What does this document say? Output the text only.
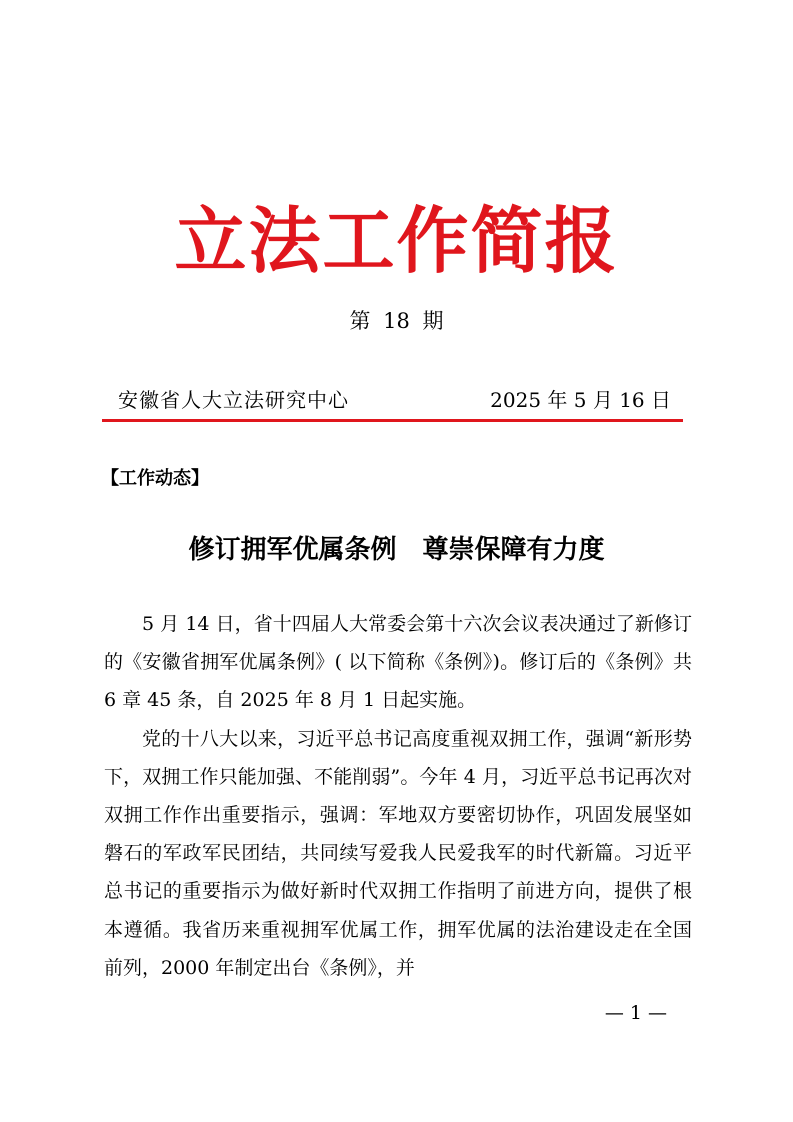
立法工作简报
第 18 期
安徽省人大立法研究中心	2025 年 5 月 16 日
【工作动态】
修订拥军优属条例　尊崇保障有力度

5 月 14 日，省十四届人大常委会第十六次会议表决通过了新修订的《安徽省拥军优属条例》( 以下简称《条例》)。修订后的《条例》共 6 章 45 条，自 2025 年 8 月 1 日起实施。

党的十八大以来，习近平总书记高度重视双拥工作，强调“新形势下，双拥工作只能加强、不能削弱”。今年 4 月，习近平总书记再次对双拥工作作出重要指示，强调：军地双方要密切协作，巩固发展坚如磐石的军政军民团结，共同续写爱我人民爱我军的时代新篇。习近平总书记的重要指示为做好新时代双拥工作指明了前进方向，提供了根本遵循。我省历来重视拥军优属工作，拥军优属的法治建设走在全国前列，2000 年制定出台《条例》，并

— 1 —
